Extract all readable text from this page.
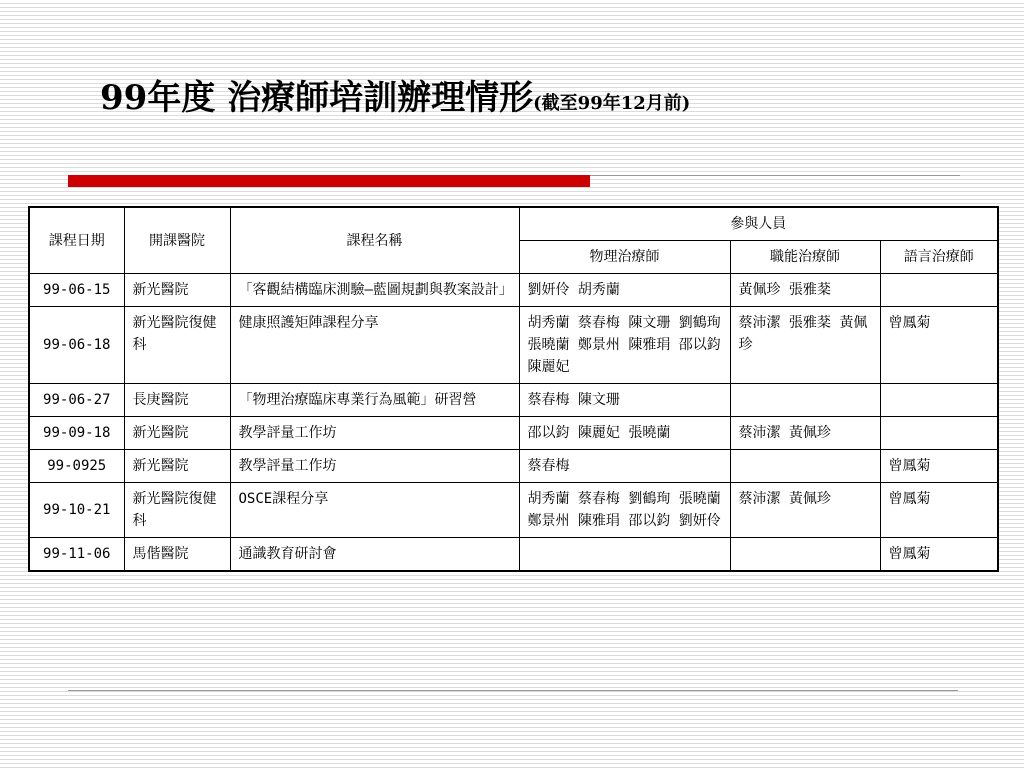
99年度 治療師培訓辦理情形(截至99年12月前)
課程日期	開課醫院	課程名稱	參與人員		
			物理治療師	職能治療師	語言治療師
99-06-15	新光醫院	「客觀結構臨床測驗—藍圖規劃與教案設計」	劉妍伶 胡秀蘭	黃佩珍 張雅棻	
99-06-18	新光醫院復健科	健康照護矩陣課程分享	胡秀蘭 蔡春梅 陳文珊 劉鶴珣 張曉蘭 鄭景州 陳雅琄 邵以鈞 陳麗妃	蔡沛潔 張雅棻 黃佩珍	曾鳳菊
99-06-27	長庚醫院	「物理治療臨床專業行為風範」研習營	蔡春梅 陳文珊		
99-09-18	新光醫院	教學評量工作坊	邵以鈞 陳麗妃 張曉蘭	蔡沛潔 黃佩珍	
99-0925	新光醫院	教學評量工作坊	蔡春梅		曾鳳菊
99-10-21	新光醫院復健科	OSCE課程分享	胡秀蘭 蔡春梅 劉鶴珣 張曉蘭 鄭景州 陳雅琄 邵以鈞 劉妍伶	蔡沛潔 黃佩珍	曾鳳菊
99-11-06	馬偕醫院	通識教育研討會			曾鳳菊
